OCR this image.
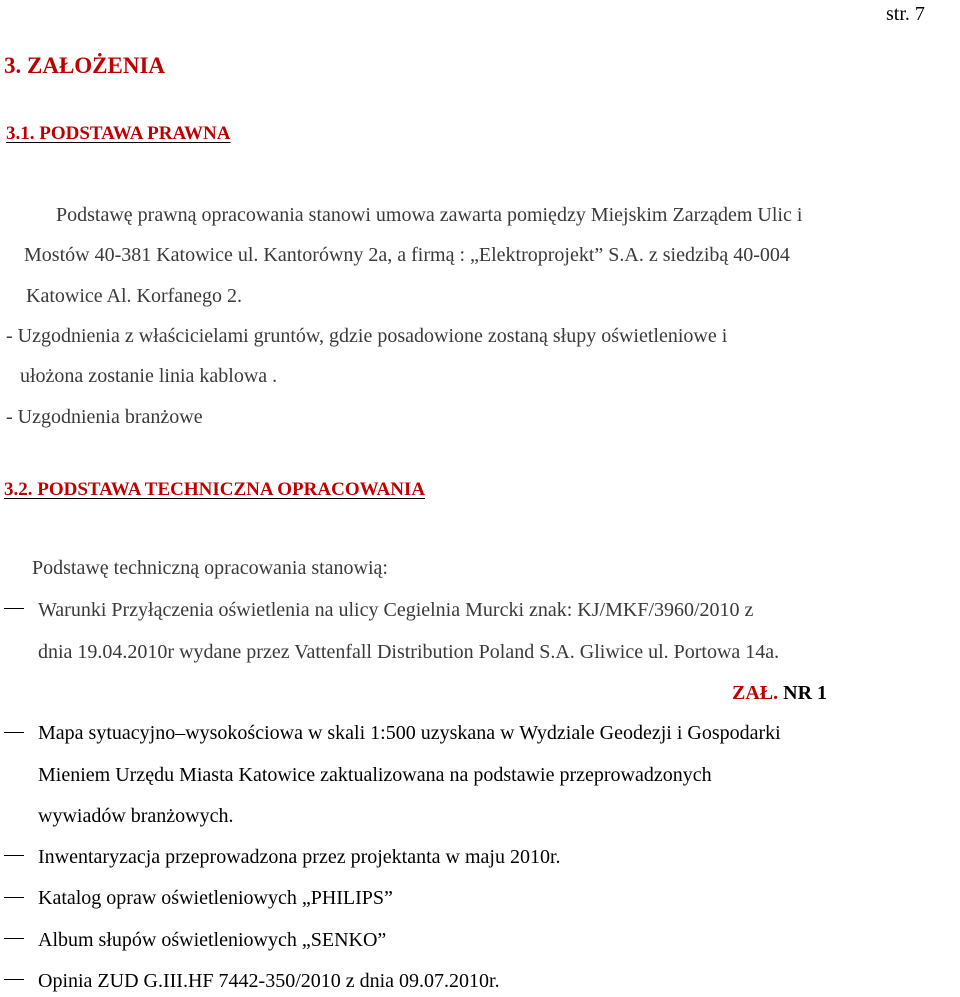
str. 7
3. ZAŁOŻENIA
3.1. PODSTAWA PRAWNA
Podstawę prawną opracowania stanowi umowa zawarta pomiędzy Miejskim Zarządem Ulic i
Mostów 40-381 Katowice ul. Kantorówny 2a, a firmą : „Elektroprojekt” S.A. z siedzibą 40-004
Katowice Al. Korfanego 2.
- Uzgodnienia z właścicielami gruntów, gdzie posadowione zostaną słupy oświetleniowe i
ułożona zostanie linia kablowa .
- Uzgodnienia branżowe
3.2. PODSTAWA TECHNICZNA OPRACOWANIA
Podstawę techniczną opracowania stanowią:
Warunki Przyłączenia oświetlenia na ulicy Cegielnia Murcki znak: KJ/MKF/3960/2010 z
dnia 19.04.2010r wydane przez Vattenfall Distribution Poland S.A. Gliwice ul. Portowa 14a.
ZAŁ. NR 1
Mapa sytuacyjno–wysokościowa w skali 1:500 uzyskana w Wydziale Geodezji i Gospodarki
Mieniem Urzędu Miasta Katowice zaktualizowana na podstawie przeprowadzonych
wywiadów branżowych.
Inwentaryzacja przeprowadzona przez projektanta w maju 2010r.
Katalog opraw oświetleniowych „PHILIPS”
Album słupów oświetleniowych „SENKO”
Opinia ZUD G.III.HF 7442-350/2010 z dnia 09.07.2010r.
